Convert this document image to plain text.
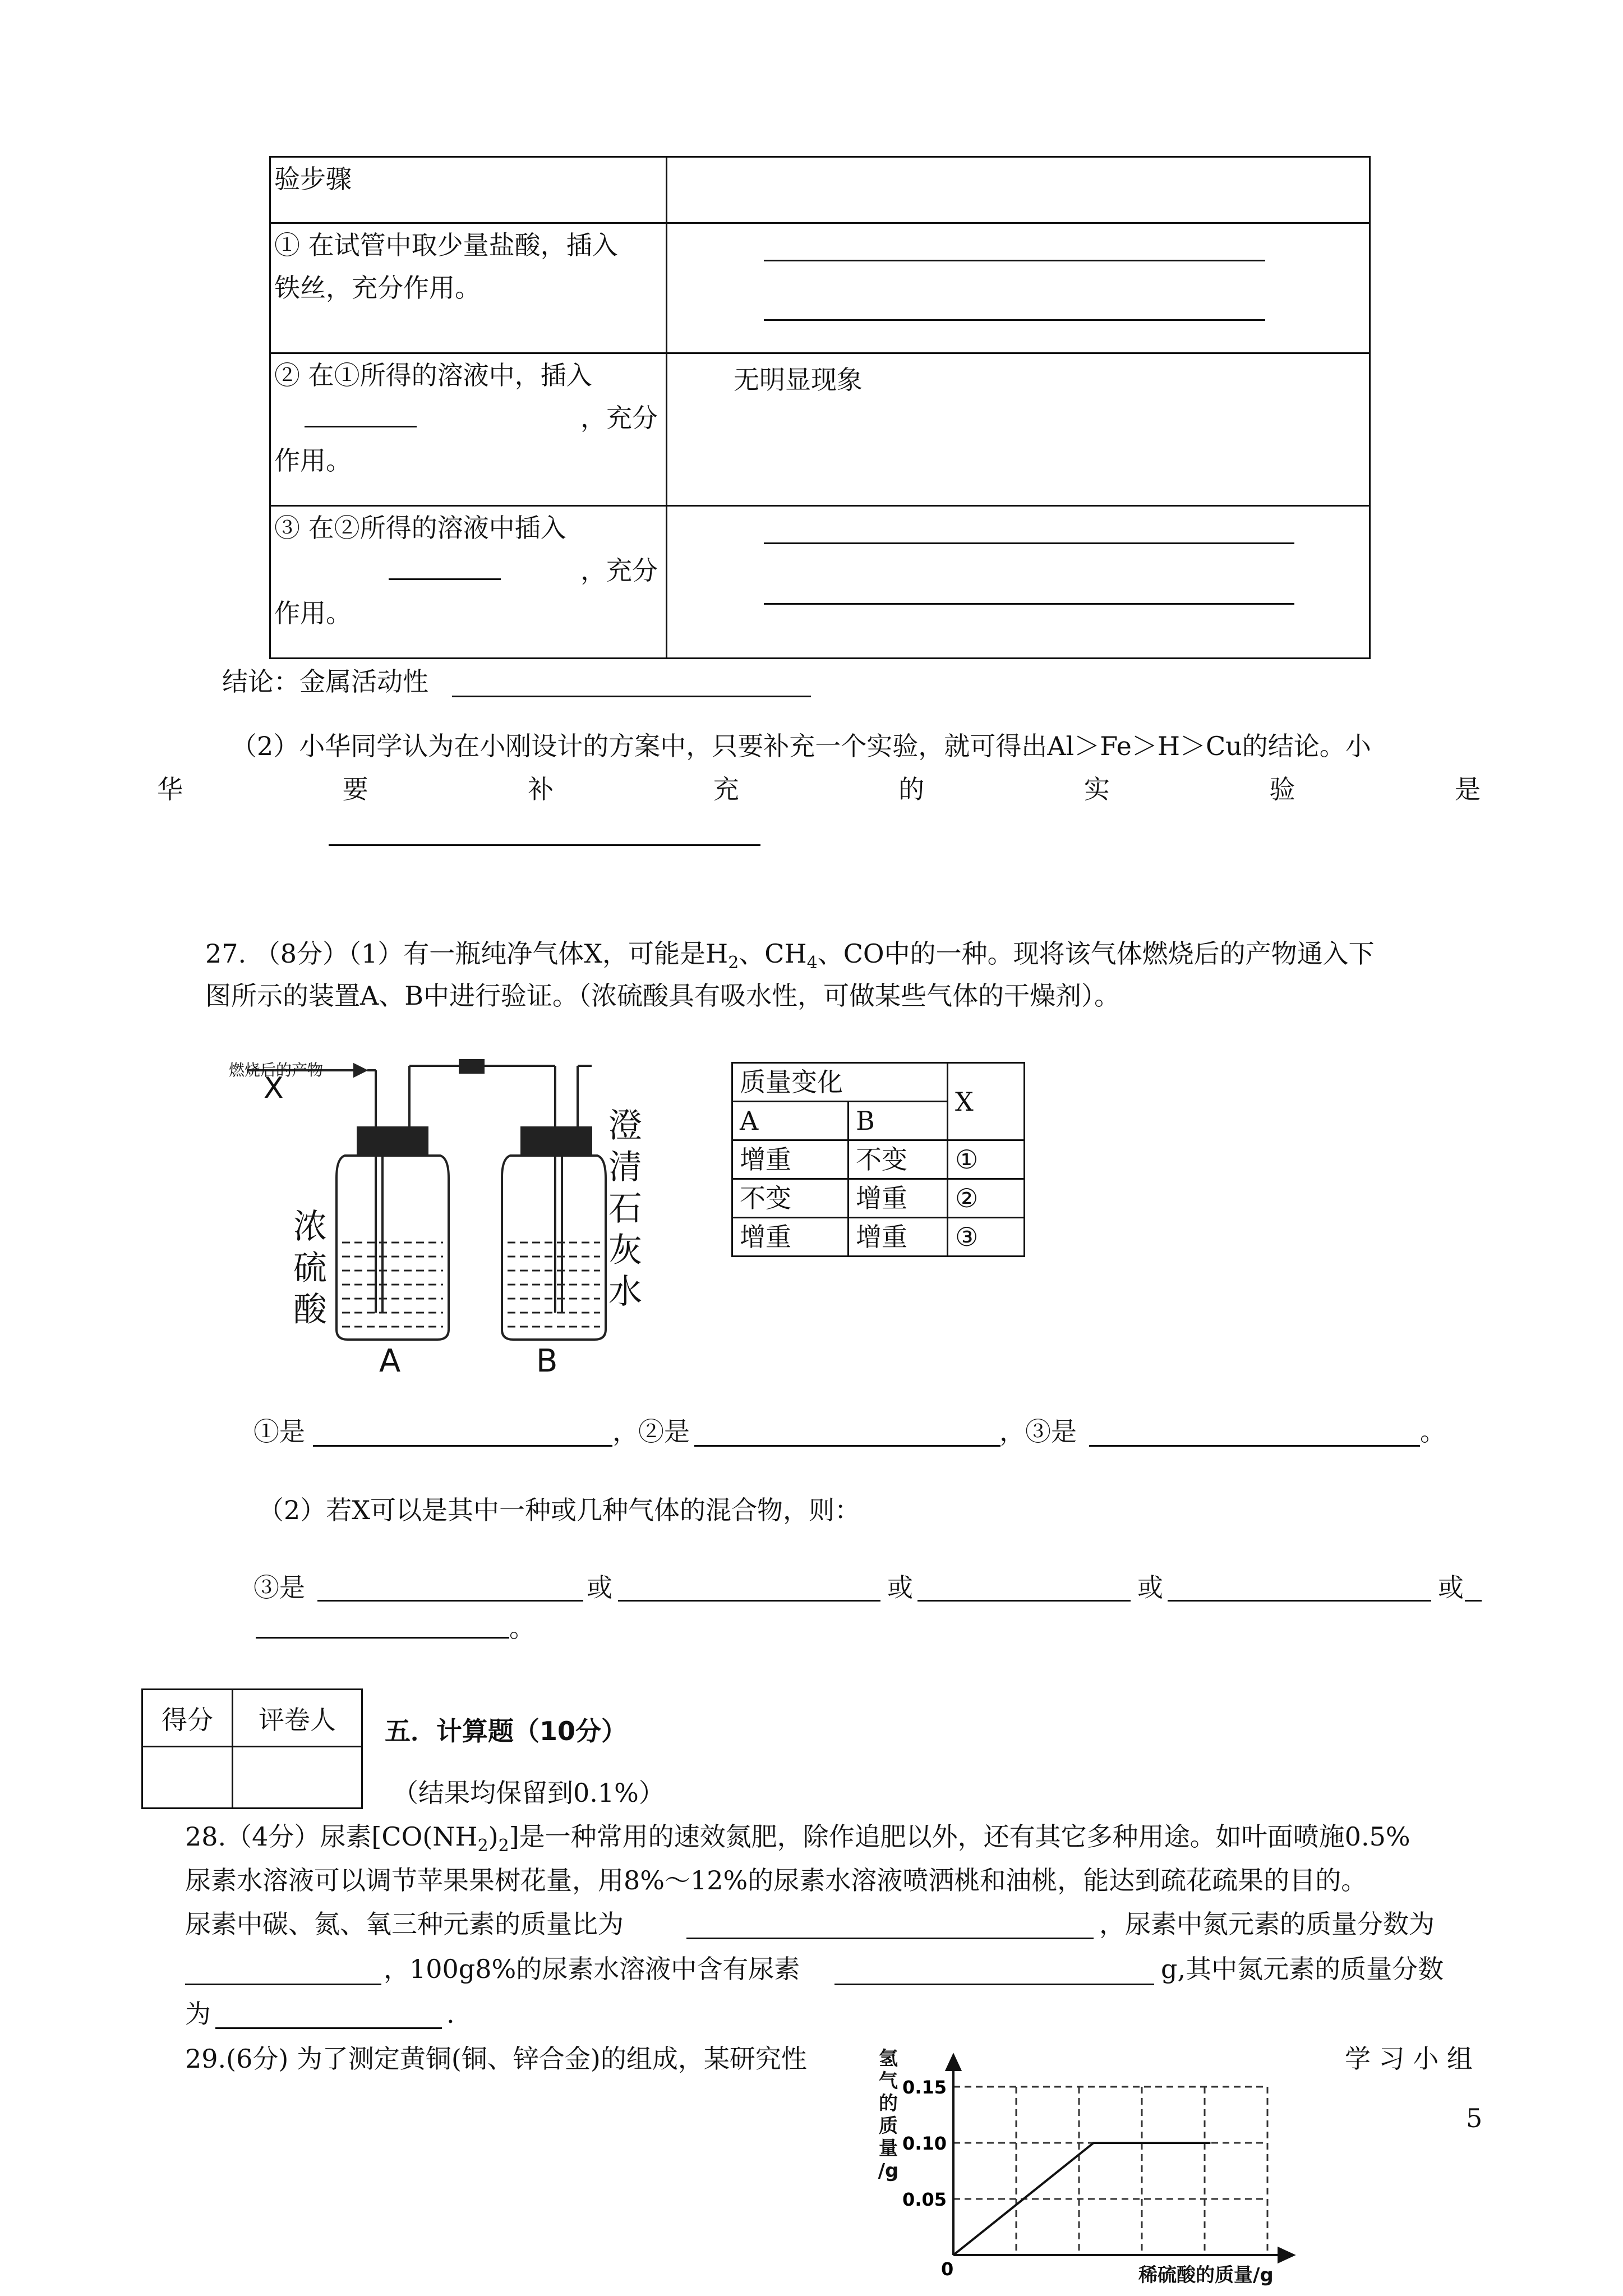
验步骤	

① 在试管中取少量盐酸，插入
铁丝，充分作用。	

② 在①所得的溶液中，插入
，充分
作用。	无明显现象

③ 在②所得的溶液中插入
，充分
作用。	

结论：金属活动性
（2）小华同学认为在小刚设计的方案中，只要补充一个实验，就可得出Al＞Fe＞H＞Cu的结论。小
华	要	补	充	的	实	验	是
27. （8分）（1）有一瓶纯净气体X，可能是$H_2$、$CH_4$、CO中的一种。现将该气体燃烧后的产物通入下
图所示的装置A、B中进行验证。（浓硫酸具有吸水性，可做某些气体的干燥剂）。
燃烧后的产物
X
浓
硫
酸
澄
清
石
灰
水
A	B
质量变化		X
A	B	
增重	不变	①
不变	增重	②
增重	增重	③
①是	，②是	，③是	。
（2）若X可以是其中一种或几种气体的混合物，则：
③是	或	或	或	或
。
得分	评卷人
	五．计算题（10分）
（结果均保留到0.1%）
28.（4分）尿素$[CO(NH_2)_2]$是一种常用的速效氮肥，除作追肥以外，还有其它多种用途。如叶面喷施0.5%
尿素水溶液可以调节苹果果树花量，用8%～12%的尿素水溶液喷洒桃和油桃，能达到疏花疏果的目的。
尿素中碳、氮、氧三种元素的质量比为	，尿素中氮元素的质量分数为
，100g8%的尿素水溶液中含有尿素	g,其中氮元素的质量分数
为	.
29.(6分) 为了测定黄铜(铜、锌合金)的组成，某研究性	学 习 小 组
5
0.15
0.10
0.05
0
氢气的质量/g
稀硫酸的质量/g
